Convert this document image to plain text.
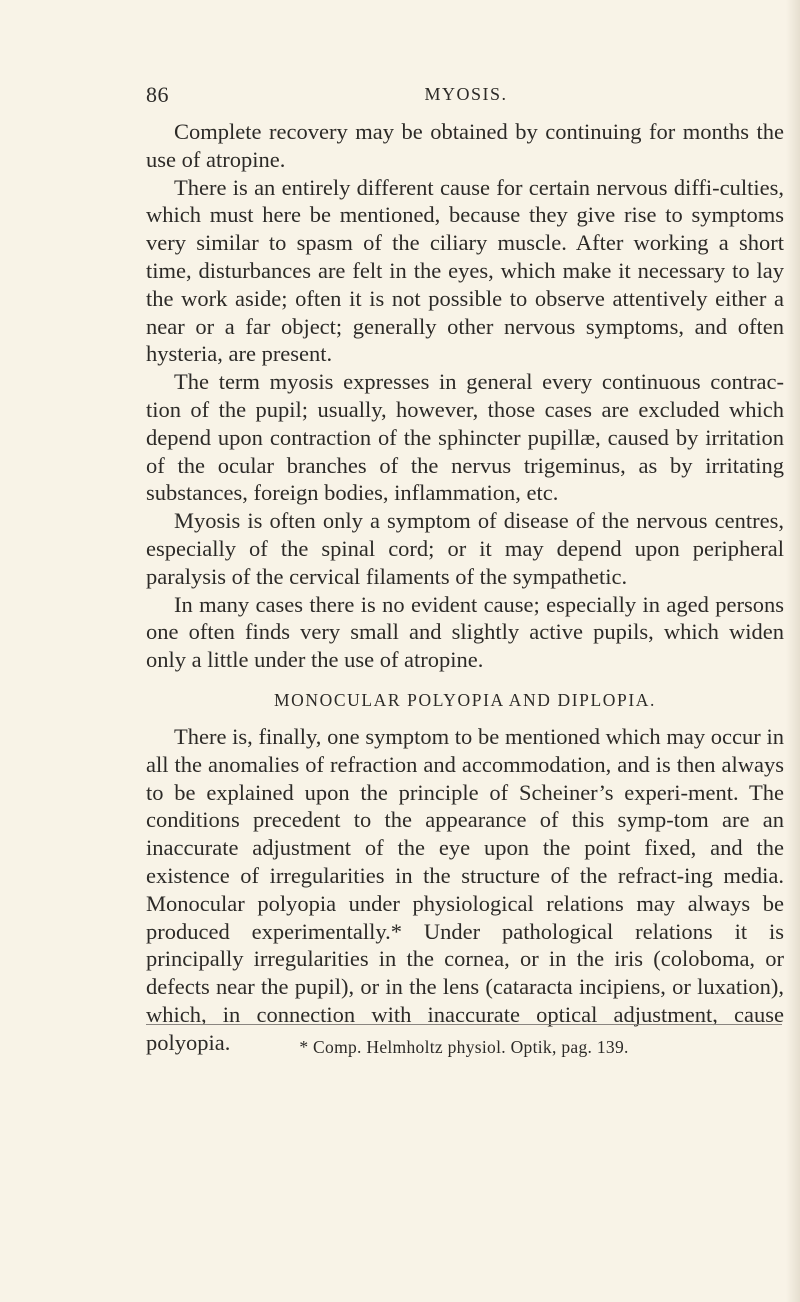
86	MYOSIS.

Complete recovery may be obtained by continuing for months the use of atropine.

There is an entirely different cause for certain nervous diffi-culties, which must here be mentioned, because they give rise to symptoms very similar to spasm of the ciliary muscle. After working a short time, disturbances are felt in the eyes, which make it necessary to lay the work aside; often it is not possible to observe attentively either a near or a far object; generally other nervous symptoms, and often hysteria, are present.

The term myosis expresses in general every continuous contrac-tion of the pupil; usually, however, those cases are excluded which depend upon contraction of the sphincter pupillæ, caused by irritation of the ocular branches of the nervus trigeminus, as by irritating substances, foreign bodies, inflammation, etc.

Myosis is often only a symptom of disease of the nervous centres, especially of the spinal cord; or it may depend upon peripheral paralysis of the cervical filaments of the sympathetic.

In many cases there is no evident cause; especially in aged persons one often finds very small and slightly active pupils, which widen only a little under the use of atropine.

MONOCULAR POLYOPIA AND DIPLOPIA.

There is, finally, one symptom to be mentioned which may occur in all the anomalies of refraction and accommodation, and is then always to be explained upon the principle of Scheiner’s experi-ment. The conditions precedent to the appearance of this symp-tom are an inaccurate adjustment of the eye upon the point fixed, and the existence of irregularities in the structure of the refract-ing media. Monocular polyopia under physiological relations may always be produced experimentally.* Under pathological relations it is principally irregularities in the cornea, or in the iris (coloboma, or defects near the pupil), or in the lens (cataracta incipiens, or luxation), which, in connection with inaccurate optical adjustment, cause polyopia.	* Comp. Helmholtz physiol. Optik, pag. 139.
